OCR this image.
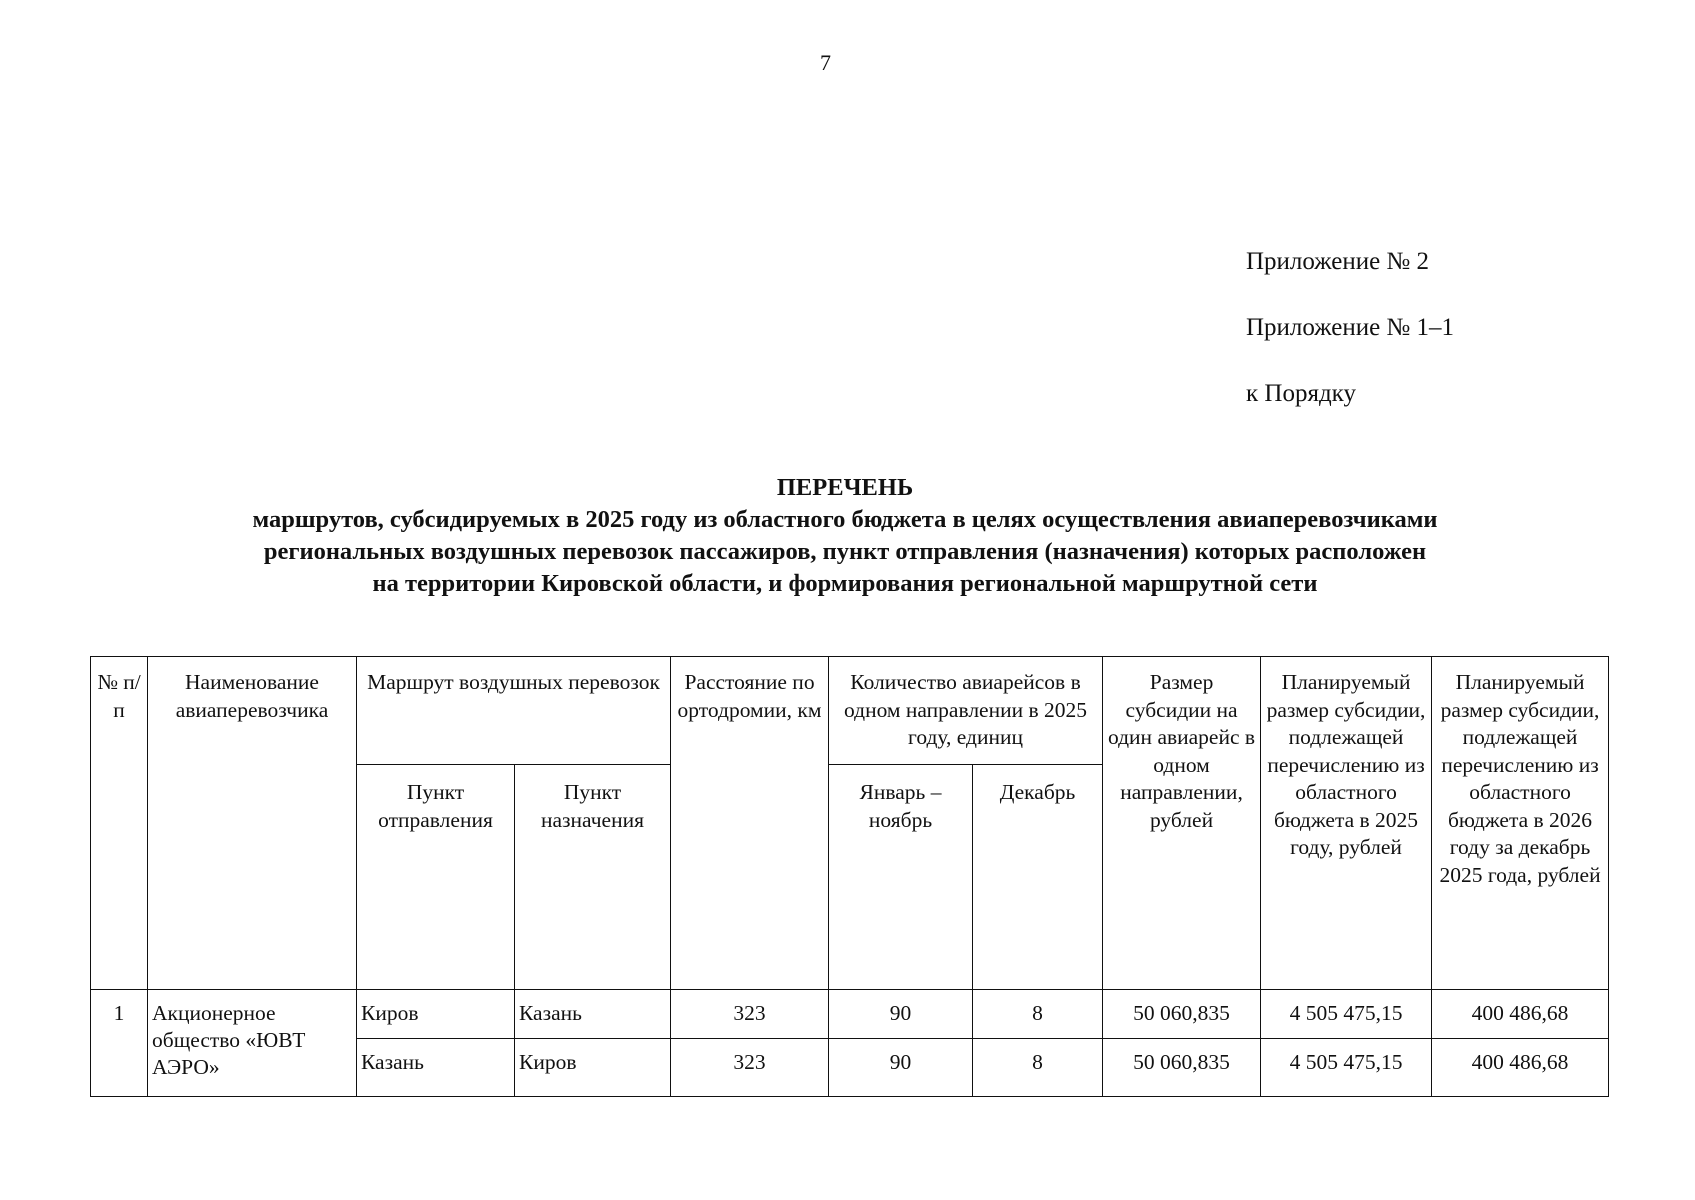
7
Приложение № 2
Приложение № 1–1
к Порядку
ПЕРЕЧЕНЬ
маршрутов, субсидируемых в 2025 году из областного бюджета в целях осуществления авиаперевозчиками
региональных воздушных перевозок пассажиров, пункт отправления (назначения) которых расположен
на территории Кировской области, и формирования региональной маршрутной сети
№ п/п	Наименование авиаперевозчика	Маршрут воздушных перевозок		Расстояние по ортодромии, км	Количество авиарейсов в одном направлении в 2025 году, единиц		Размер субсидии на один авиарейс в одном направлении, рублей	Планируемый размер субсидии, подлежащей перечислению из областного бюджета в 2025 году, рублей	Планируемый размер субсидии, подлежащей перечислению из областного бюджета в 2026 году за декабрь 2025 года, рублей
		Пункт отправления	Пункт назначения		Январь – ноябрь	Декабрь			
1	Акционерное общество «ЮВТ АЭРО»	Киров	Казань	323	90	8	50 060,835	4 505 475,15	400 486,68
		Казань	Киров	323	90	8	50 060,835	4 505 475,15	400 486,68
